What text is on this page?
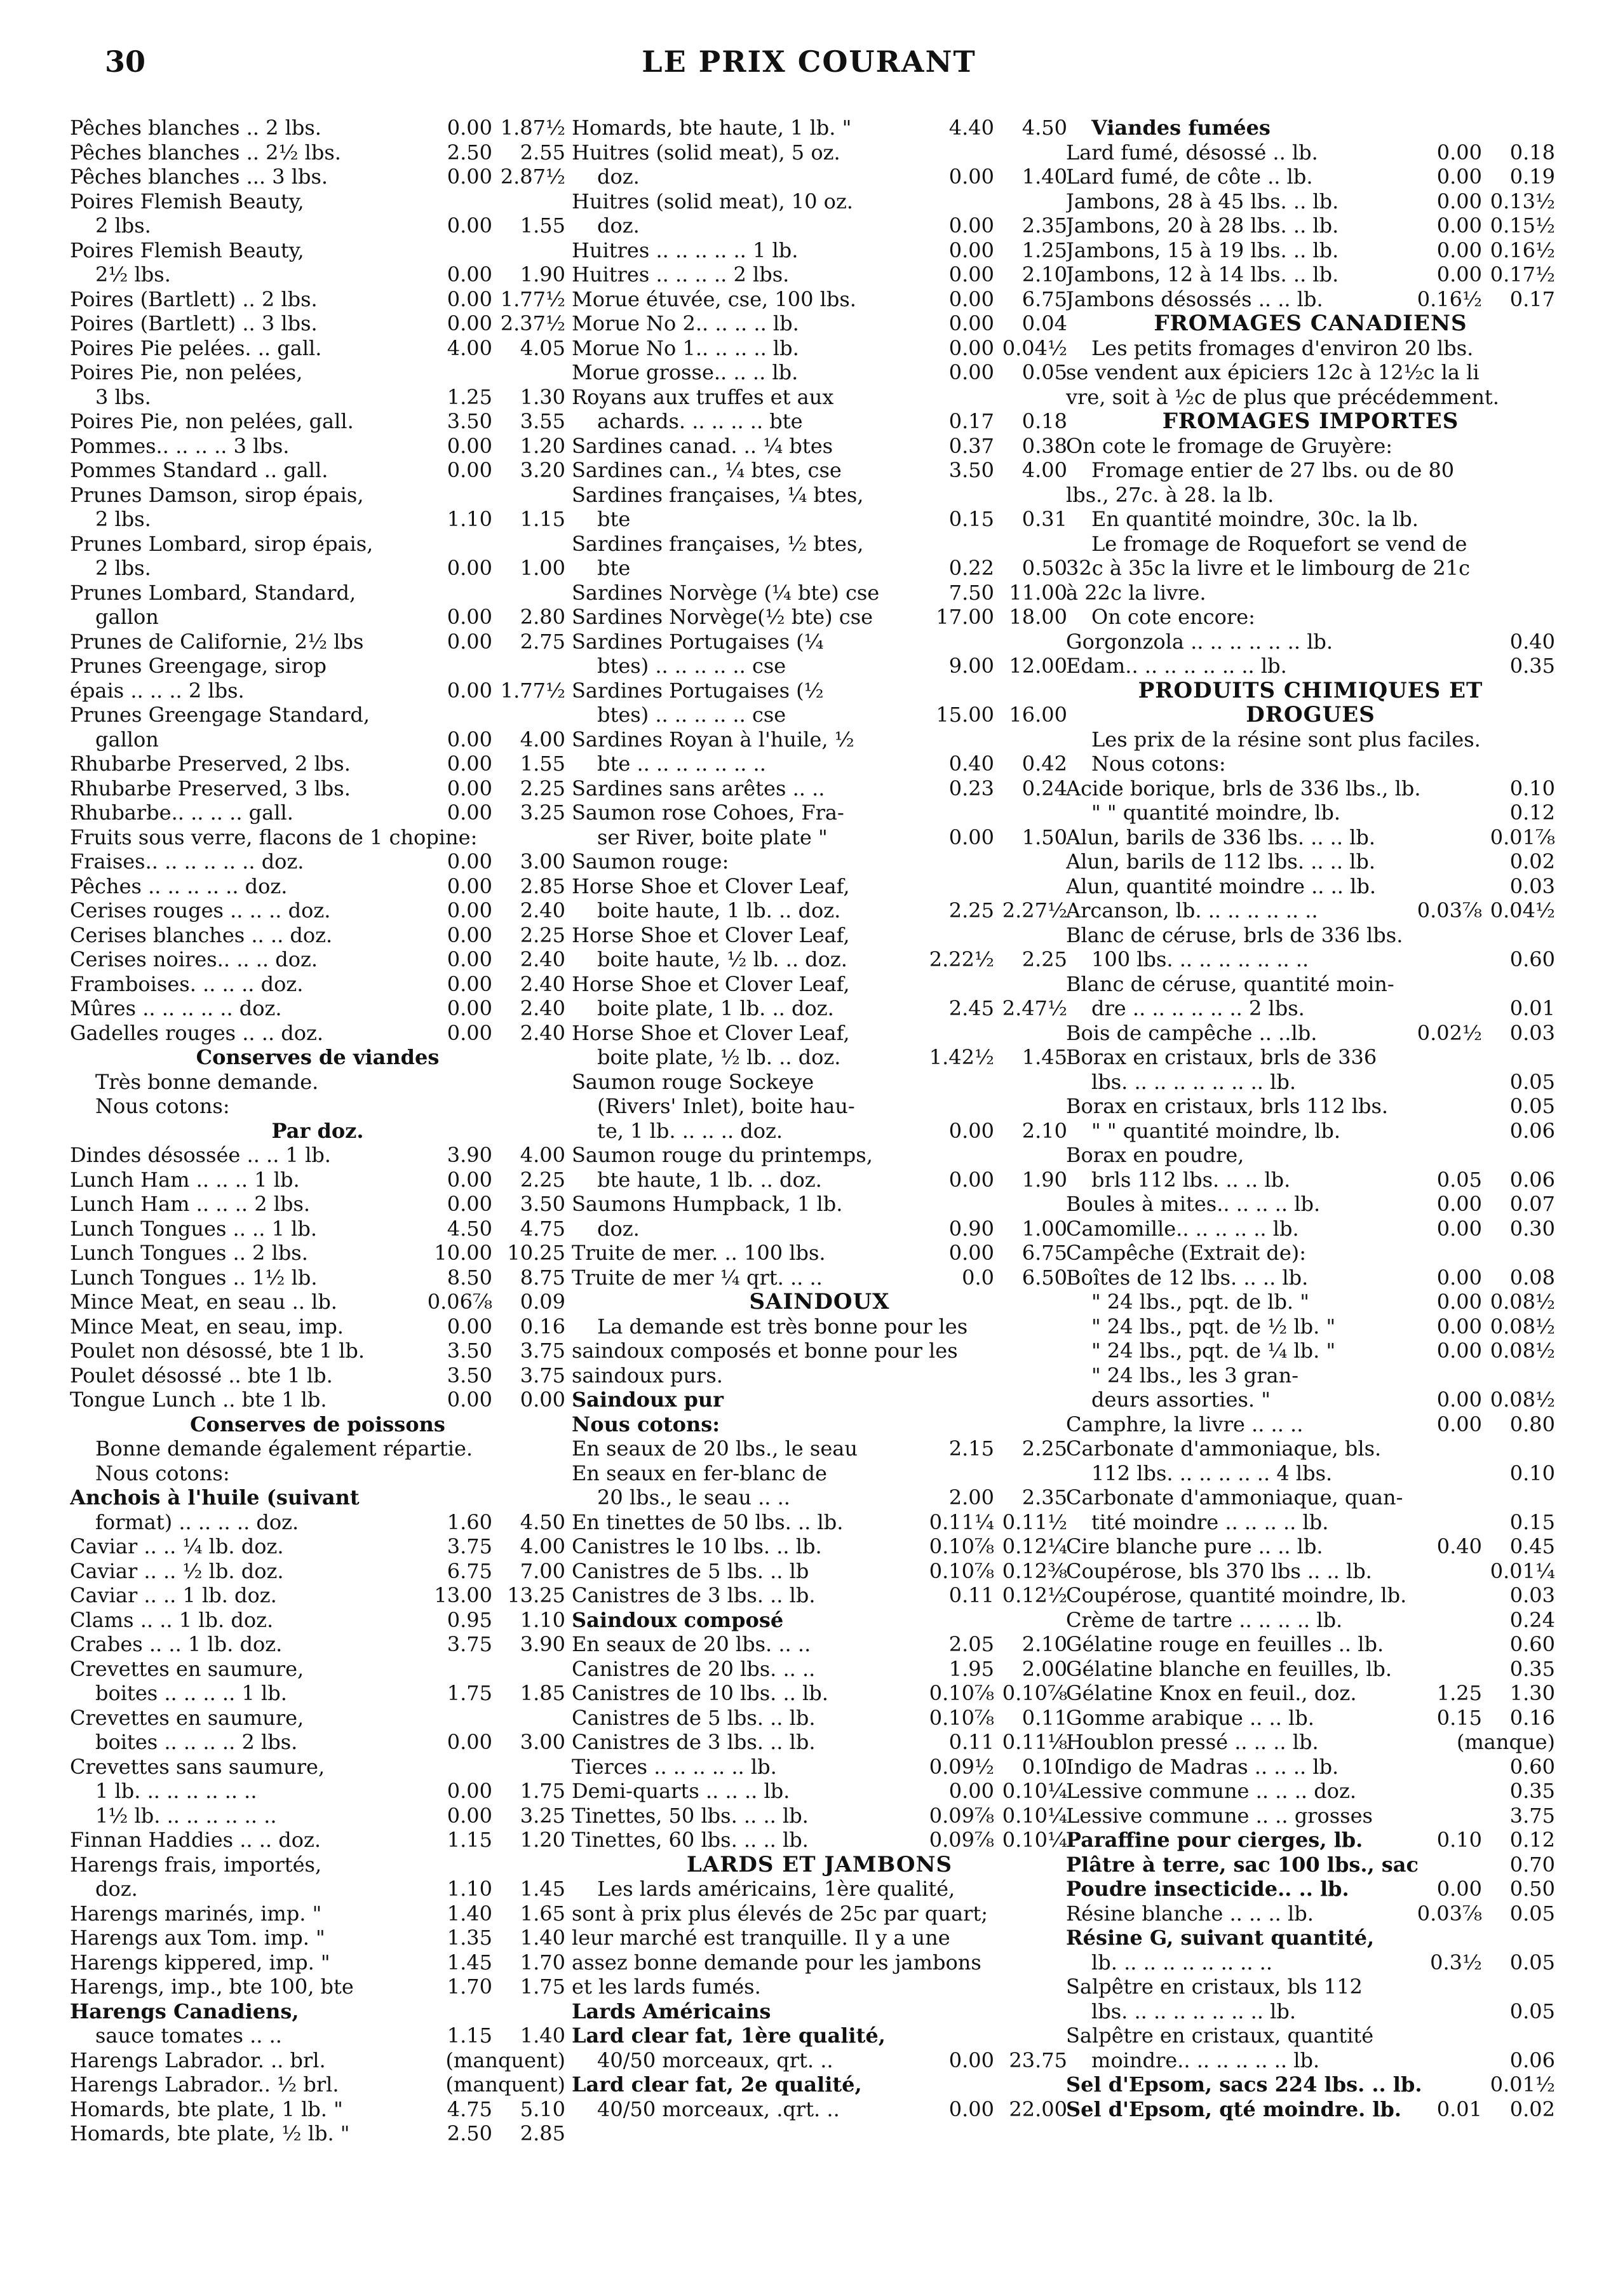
30	LE PRIX COURANT
Pêches blanches .. 2 lbs.	0.00 1.87½
Pêches blanches .. 2½ lbs.	2.50	2.55
Pêches blanches ... 3 lbs.	0.00 2.87½
Poires Flemish Beauty,
2 lbs.	0.00	1.55
Poires Flemish Beauty,
2½ lbs.	0.00	1.90
Poires (Bartlett) .. 2 lbs.	0.00 1.77½
Poires (Bartlett) .. 3 lbs.	0.00 2.37½
Poires Pie pelées. .. gall.	4.00	4.05
Poires Pie, non pelées,
3 lbs.	1.25	1.30
Poires Pie, non pelées, gall.	3.50	3.55
Pommes.. .. .. .. 3 lbs.	0.00	1.20
Pommes Standard .. gall.	0.00	3.20
Prunes Damson, sirop épais,
2 lbs.	1.10	1.15
Prunes Lombard, sirop épais,
2 lbs.	0.00	1.00
Prunes Lombard, Standard,
gallon	0.00	2.80
Prunes de Californie, 2½ lbs	0.00	2.75
Prunes Greengage, sirop
épais .. .. .. 2 lbs.	0.00 1.77½
Prunes Greengage Standard,
gallon	0.00	4.00
Rhubarbe Preserved, 2 lbs.	0.00	1.55
Rhubarbe Preserved, 3 lbs.	0.00	2.25
Rhubarbe.. .. .. .. gall.	0.00	3.25
Fruits sous verre, flacons de 1 chopine:
Fraises.. .. .. .. .. .. doz.	0.00	3.00
Pêches .. .. .. .. .. doz.	0.00	2.85
Cerises rouges .. .. .. doz.	0.00	2.40
Cerises blanches .. .. doz.	0.00	2.25
Cerises noires.. .. .. doz.	0.00	2.40
Framboises. .. .. .. doz.	0.00	2.40
Mûres .. .. .. .. .. doz.	0.00	2.40
Gadelles rouges .. .. doz.	0.00	2.40
Conserves de viandes
Très bonne demande.
Nous cotons:
Par doz.
Dindes désossée .. .. 1 lb.	3.90	4.00
Lunch Ham .. .. .. 1 lb.	0.00	2.25
Lunch Ham .. .. .. 2 lbs.	0.00	3.50
Lunch Tongues .. .. 1 lb.	4.50	4.75
Lunch Tongues .. 2 lbs.	10.00 10.25
Lunch Tongues .. 1½ lb.	8.50	8.75
Mince Meat, en seau .. lb.	0.06⅞	0.09
Mince Meat, en seau, imp.	0.00	0.16
Poulet non désossé, bte 1 lb.	3.50	3.75
Poulet désossé .. bte 1 lb.	3.50	3.75
Tongue Lunch .. bte 1 lb.	0.00	0.00
Conserves de poissons
Bonne demande également répartie.
Nous cotons:
Anchois à l'huile (suivant
format) .. .. .. .. doz.	1.60	4.50
Caviar .. .. ¼ lb. doz.	3.75	4.00
Caviar .. .. ½ lb. doz.	6.75	7.00
Caviar .. .. 1 lb. doz.	13.00 13.25
Clams .. .. 1 lb. doz.	0.95	1.10
Crabes .. .. 1 lb. doz.	3.75	3.90
Crevettes en saumure,
boites .. .. .. .. 1 lb.	1.75	1.85
Crevettes en saumure,
boites .. .. .. .. 2 lbs.	0.00	3.00
Crevettes sans saumure,
1 lb. .. .. .. .. .. ..	0.00	1.75
1½ lb. .. .. .. .. .. ..	0.00	3.25
Finnan Haddies .. .. doz.	1.15	1.20
Harengs frais, importés,
doz.	1.10	1.45
Harengs marinés, imp. "	1.40	1.65
Harengs aux Tom. imp. "	1.35	1.40
Harengs kippered, imp. "	1.45	1.70
Harengs, imp., bte 100, bte	1.70	1.75
Harengs Canadiens,
sauce tomates .. ..	1.15	1.40
Harengs Labrador. .. brl.	(manquent)
Harengs Labrador.. ½ brl.	(manquent)
Homards, bte plate, 1 lb. "	4.75	5.10
Homards, bte plate, ½ lb. "	2.50	2.85
Homards, bte haute, 1 lb. "	4.40	4.50
Huitres (solid meat), 5 oz.
doz.	0.00	1.40
Huitres (solid meat), 10 oz.
doz.	0.00	2.35
Huitres .. .. .. .. .. 1 lb.	0.00	1.25
Huitres .. .. .. .. 2 lbs.	0.00	2.10
Morue étuvée, cse, 100 lbs.	0.00	6.75
Morue No 2.. .. .. .. lb.	0.00	0.04
Morue No 1.. .. .. .. lb.	0.00 0.04½
Morue grosse.. .. .. lb.	0.00	0.05
Royans aux truffes et aux
achards. .. .. .. .. bte	0.17	0.18
Sardines canad. .. ¼ btes	0.37	0.38
Sardines can., ¼ btes, cse	3.50	4.00
Sardines françaises, ¼ btes,
bte	0.15	0.31
Sardines françaises, ½ btes,
bte	0.22	0.50
Sardines Norvège (¼ bte) cse	7.50 11.00
Sardines Norvège(½ bte) cse	17.00 18.00
Sardines Portugaises (¼
btes) .. .. .. .. .. cse	9.00 12.00
Sardines Portugaises (½
btes) .. .. .. .. .. cse	15.00 16.00
Sardines Royan à l'huile, ½
bte .. .. .. .. .. .. ..	0.40	0.42
Sardines sans arêtes .. ..	0.23	0.24
Saumon rose Cohoes, Fra-
ser River, boite plate "	0.00	1.50
Saumon rouge:
Horse Shoe et Clover Leaf,
boite haute, 1 lb. .. doz.	2.25 2.27½
Horse Shoe et Clover Leaf,
boite haute, ½ lb. .. doz.	2.22½	2.25
Horse Shoe et Clover Leaf,
boite plate, 1 lb. .. doz.	2.45 2.47½
Horse Shoe et Clover Leaf,
boite plate, ½ lb. .. doz.	1.42½	1.45
Saumon rouge Sockeye
(Rivers' Inlet), boite hau-
te, 1 lb. .. .. .. doz.	0.00	2.10
Saumon rouge du printemps,
bte haute, 1 lb. .. doz.	0.00	1.90
Saumons Humpback, 1 lb.
doz.	0.90	1.00
Truite de mer. .. 100 lbs.	0.00	6.75
Truite de mer ¼ qrt. .. ..	0.0	6.50
SAINDOUX
La demande est très bonne pour les
saindoux composés et bonne pour les
saindoux purs.
Saindoux pur
Nous cotons:
En seaux de 20 lbs., le seau	2.15	2.25
En seaux en fer-blanc de
20 lbs., le seau .. ..	2.00	2.35
En tinettes de 50 lbs. .. lb.	0.11¼ 0.11½
Canistres le 10 lbs. .. lb.	0.10⅞ 0.12¼
Canistres de 5 lbs. .. lb	0.10⅞ 0.12⅜
Canistres de 3 lbs. .. lb.	0.11 0.12½
Saindoux composé
En seaux de 20 lbs. .. ..	2.05	2.10
Canistres de 20 lbs. .. ..	1.95	2.00
Canistres de 10 lbs. .. lb.	0.10⅞ 0.10⅞
Canistres de 5 lbs. .. lb.	0.10⅞	0.11
Canistres de 3 lbs. .. lb.	0.11 0.11⅛
Tierces .. .. .. .. .. lb.	0.09½	0.10
Demi-quarts .. .. .. lb.	0.00 0.10¼
Tinettes, 50 lbs. .. .. lb.	0.09⅞ 0.10¼
Tinettes, 60 lbs. .. .. lb.	0.09⅞ 0.10¼
LARDS ET JAMBONS
Les lards américains, 1ère qualité,
sont à prix plus élevés de 25c par quart;
leur marché est tranquille. Il y a une
assez bonne demande pour les jambons
et les lards fumés.
Lards Américains
Lard clear fat, 1ère qualité,
40/50 morceaux, qrt. ..	0.00 23.75
Lard clear fat, 2e qualité,
40/50 morceaux, .qrt. ..	0.00 22.00
Viandes fumées
Lard fumé, désossé .. lb.	0.00	0.18
Lard fumé, de côte .. lb.	0.00	0.19
Jambons, 28 à 45 lbs. .. lb.	0.00 0.13½
Jambons, 20 à 28 lbs. .. lb.	0.00 0.15½
Jambons, 15 à 19 lbs. .. lb.	0.00 0.16½
Jambons, 12 à 14 lbs. .. lb.	0.00 0.17½
Jambons désossés .. .. lb.	0.16½	0.17
FROMAGES CANADIENS
Les petits fromages d'environ 20 lbs.
se vendent aux épiciers 12c à 12½c la li
vre, soit à ½c de plus que précédemment.
FROMAGES IMPORTES
On cote le fromage de Gruyère:
Fromage entier de 27 lbs. ou de 80
lbs., 27c. à 28. la lb.
En quantité moindre, 30c. la lb.
Le fromage de Roquefort se vend de
32c à 35c la livre et le limbourg de 21c
à 22c la livre.
On cote encore:
Gorgonzola .. .. .. .. .. .. lb.	0.40
Edam.. .. .. .. .. .. .. lb.	0.35
PRODUITS CHIMIQUES ET
DROGUES
Les prix de la résine sont plus faciles.
Nous cotons:
Acide borique, brls de 336 lbs., lb.	0.10
" " quantité moindre, lb.	0.12
Alun, barils de 336 lbs. .. .. lb.	0.01⅞
Alun, barils de 112 lbs. .. .. lb.	0.02
Alun, quantité moindre .. .. lb.	0.03
Arcanson, lb. .. .. .. .. .. ..	0.03⅞ 0.04½
Blanc de céruse, brls de 336 lbs.
100 lbs. .. .. .. .. .. .. ..	0.60
Blanc de céruse, quantité moin-
dre .. .. .. .. .. .. 2 lbs.	0.01
Bois de campêche .. ..lb.	0.02½	0.03
Borax en cristaux, brls de 336
lbs. .. .. .. .. .. .. .. lb.	0.05
Borax en cristaux, brls 112 lbs.	0.05
" " quantité moindre, lb.	0.06
Borax en poudre,
brls 112 lbs. .. .. lb.	0.05	0.06
Boules à mites.. .. .. .. lb.	0.00	0.07
Camomille.. .. .. .. .. lb.	0.00	0.30
Campêche (Extrait de):
Boîtes de 12 lbs. .. .. lb.	0.00	0.08
" 24 lbs., pqt. de lb. "	0.00 0.08½
" 24 lbs., pqt. de ½ lb. "	0.00 0.08½
" 24 lbs., pqt. de ¼ lb. "	0.00 0.08½
" 24 lbs., les 3 gran-
deurs assorties. "	0.00 0.08½
Camphre, la livre .. .. ..	0.00	0.80
Carbonate d'ammoniaque, bls.
112 lbs. .. .. .. .. .. 4 lbs.	0.10
Carbonate d'ammoniaque, quan-
tité moindre .. .. .. .. lb.	0.15
Cire blanche pure .. .. lb.	0.40	0.45
Coupérose, bls 370 lbs .. .. lb.	0.01¼
Coupérose, quantité moindre, lb.	0.03
Crème de tartre .. .. .. .. lb.	0.24
Gélatine rouge en feuilles .. lb.	0.60
Gélatine blanche en feuilles, lb.	0.35
Gélatine Knox en feuil., doz.	1.25	1.30
Gomme arabique .. .. lb.	0.15	0.16
Houblon pressé .. .. .. lb.	(manque)
Indigo de Madras .. .. .. lb.	0.60
Lessive commune .. .. .. doz.	0.35
Lessive commune .. .. grosses	3.75
Paraffine pour cierges, lb.	0.10	0.12
Plâtre à terre, sac 100 lbs., sac	0.70
Poudre insecticide.. .. lb.	0.00	0.50
Résine blanche .. .. .. lb.	0.03⅞	0.05
Résine G, suivant quantité,
lb. .. .. .. .. .. .. .. ..	0.3½	0.05
Salpêtre en cristaux, bls 112
lbs. .. .. .. .. .. .. .. lb.	0.05
Salpêtre en cristaux, quantité
moindre.. .. .. .. .. .. lb.	0.06
Sel d'Epsom, sacs 224 lbs. .. lb.	0.01½
Sel d'Epsom, qté moindre. lb.	0.01	0.02
